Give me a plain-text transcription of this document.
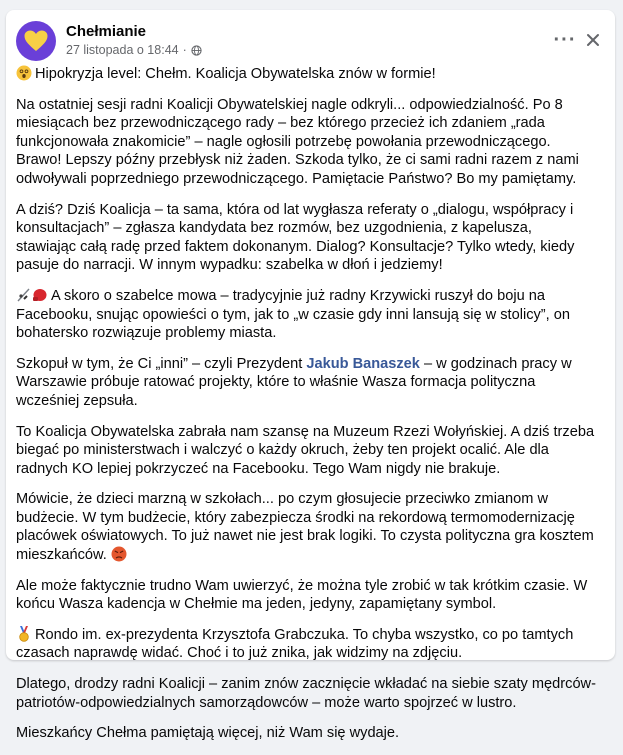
Chełmianie
27 listopada o 18:44 ·	···

Hipokryzja level: Chełm. Koalicja Obywatelska znów w formie!

Na ostatniej sesji radni Koalicji Obywatelskiej nagle odkryli... odpowiedzialność. Po 8 miesiącach bez przewodniczącego rady – bez którego przecież ich zdaniem „rada funkcjonowała znakomicie” – nagle ogłosili potrzebę powołania przewodniczącego. Brawo! Lepszy późny przebłysk niż żaden. Szkoda tylko, że ci sami radni razem z nami odwoływali poprzedniego przewodniczącego. Pamiętacie Państwo? Bo my pamiętamy.

A dziś? Dziś Koalicja – ta sama, która od lat wygłasza referaty o „dialogu, współpracy i konsultacjach” – zgłasza kandydata bez rozmów, bez uzgodnienia, z kapelusza, stawiając całą radę przed faktem dokonanym. Dialog? Konsultacje? Tylko wtedy, kiedy pasuje do narracji. W innym wypadku: szabelka w dłoń i jedziemy!

A skoro o szabelce mowa – tradycyjnie już radny Krzywicki ruszył do boju na Facebooku, snując opowieści o tym, jak to „w czasie gdy inni lansują się w stolicy”, on bohatersko rozwiązuje problemy miasta.

Szkopuł w tym, że Ci „inni” – czyli Prezydent Jakub Banaszek – w godzinach pracy w Warszawie próbuje ratować projekty, które to właśnie Wasza formacja polityczna wcześniej zepsuła.

To Koalicja Obywatelska zabrała nam szansę na Muzeum Rzezi Wołyńskiej. A dziś trzeba biegać po ministerstwach i walczyć o każdy okruch, żeby ten projekt ocalić. Ale dla radnych KO lepiej pokrzyczeć na Facebooku. Tego Wam nigdy nie brakuje.

Mówicie, że dzieci marzną w szkołach... po czym głosujecie przeciwko zmianom w budżecie. W tym budżecie, który zabezpiecza środki na rekordową termomodernizację placówek oświatowych. To już nawet nie jest brak logiki. To czysta polityczna gra kosztem mieszkańców.

Ale może faktycznie trudno Wam uwierzyć, że można tyle zrobić w tak krótkim czasie. W końcu Wasza kadencja w Chełmie ma jeden, jedyny, zapamiętany symbol.

Rondo im. ex-prezydenta Krzysztofa Grabczuka. To chyba wszystko, co po tamtych czasach naprawdę widać. Choć i to już znika, jak widzimy na zdjęciu.

Dlatego, drodzy radni Koalicji – zanim znów zacznięcie wkładać na siebie szaty mędrców-patriotów-odpowiedzialnych samorządowców – może warto spojrzeć w lustro.

Mieszkańcy Chełma pamiętają więcej, niż Wam się wydaje.
